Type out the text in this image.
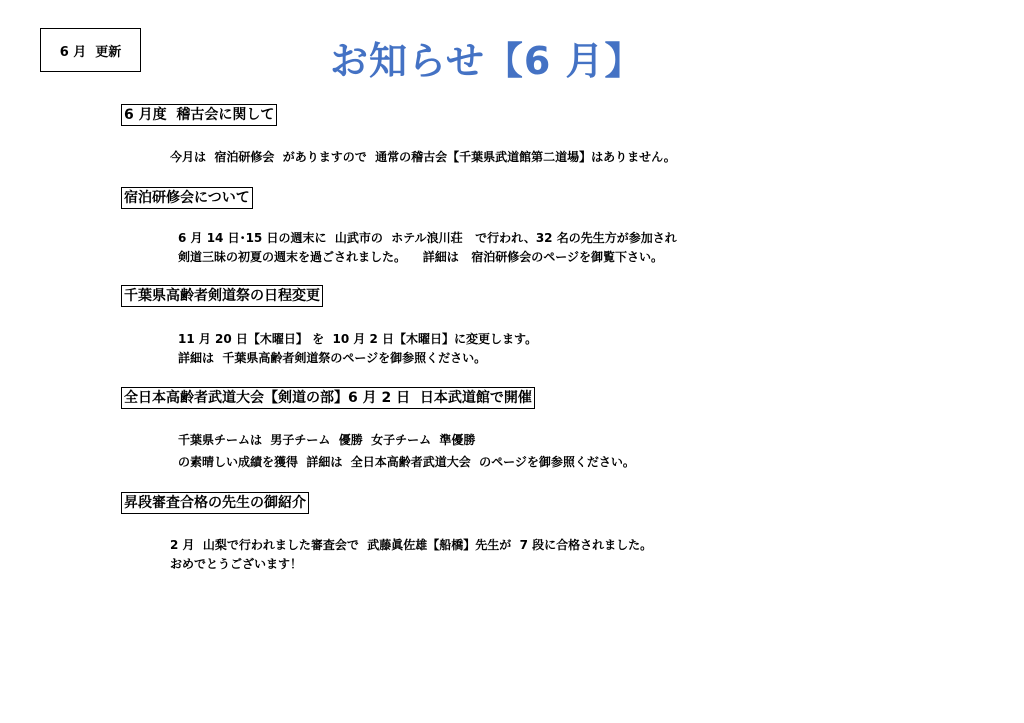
6 月  更新	お知らせ【6 月】
6 月度  稽古会に関して
今月は  宿泊研修会  がありますので  通常の稽古会【千葉県武道館第二道場】はありません。
宿泊研修会について
6 月 14 日･15 日の週末に  山武市の  ホテル浪川荘   で行われ、32 名の先生方が参加され
剣道三昧の初夏の週末を過ごされました。    詳細は   宿泊研修会のページを御覧下さい。
千葉県高齢者剣道祭の日程変更
11 月 20 日【木曜日】 を  10 月 2 日【木曜日】に変更します。
詳細は  千葉県高齢者剣道祭のページを御参照ください。
全日本高齢者武道大会【剣道の部】6 月 2 日  日本武道館で開催
千葉県チームは  男子チーム  優勝  女子チーム  準優勝
の素晴しい成績を獲得  詳細は  全日本高齢者武道大会  のページを御参照ください。
昇段審査合格の先生の御紹介
2 月  山梨で行われました審査会で  武藤眞佐雄【船橋】先生が  7 段に合格されました。
おめでとうございます！
